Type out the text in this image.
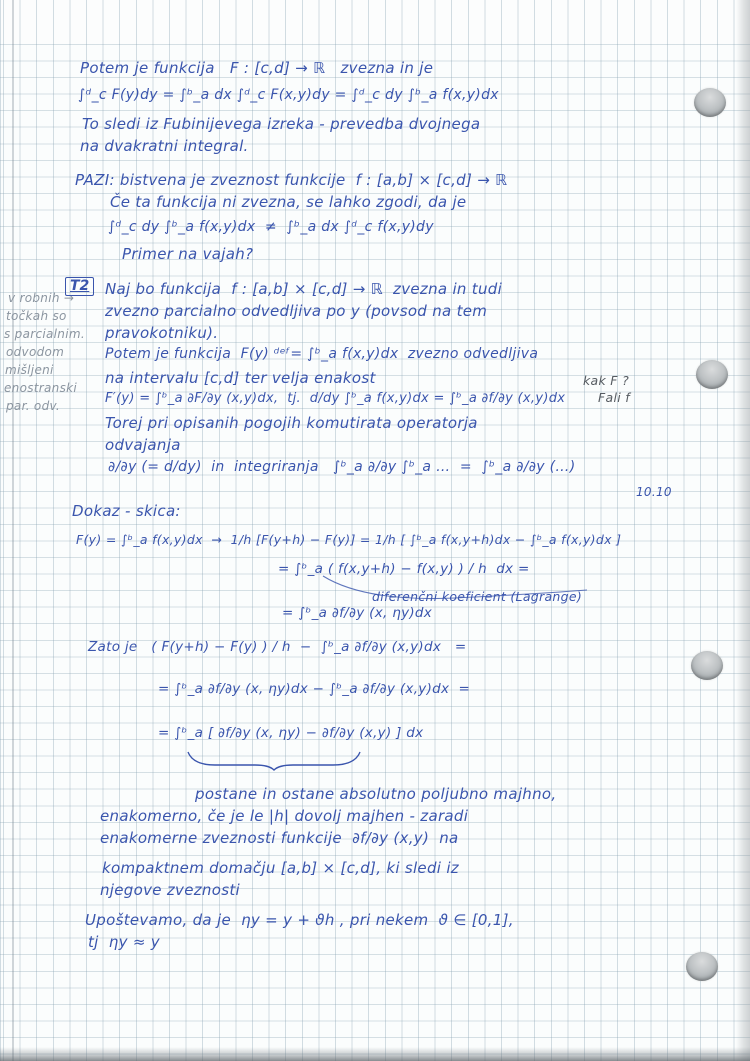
T2
Potem je funkcija   F : [c,d] → ℝ   zvezna in je
∫ᵈ_c F(y)dy = ∫ᵇ_a dx ∫ᵈ_c F(x,y)dy = ∫ᵈ_c dy ∫ᵇ_a f(x,y)dx
To sledi iz Fubinijevega izreka - prevedba dvojnega
na dvakratni integral.
PAZI: bistvena je zveznost funkcije  f : [a,b] × [c,d] → ℝ
Če ta funkcija ni zvezna, se lahko zgodi, da je
∫ᵈ_c dy ∫ᵇ_a f(x,y)dx  ≠  ∫ᵇ_a dx ∫ᵈ_c f(x,y)dy
Primer na vajah?
Naj bo funkcija  f : [a,b] × [c,d] → ℝ  zvezna in tudi
zvezno parcialno odvedljiva po y (povsod na tem
pravokotniku).
Potem je funkcija  F(y) ᵈᵉᶠ= ∫ᵇ_a f(x,y)dx  zvezno odvedljiva
na intervalu [c,d] ter velja enakost
F′(y) = ∫ᵇ_a ∂F/∂y (x,y)dx,  tj.  d/dy ∫ᵇ_a f(x,y)dx = ∫ᵇ_a ∂f/∂y (x,y)dx
Torej pri opisanih pogojih komutirata operatorja
odvajanja
∂/∂y (= d/dy)  in  integriranja   ∫ᵇ_a ∂/∂y ∫ᵇ_a …  =  ∫ᵇ_a ∂/∂y (…)
10.10
Dokaz - skica:
F(y) = ∫ᵇ_a f(x,y)dx  →  1/h [F(y+h) − F(y)] = 1/h [ ∫ᵇ_a f(x,y+h)dx − ∫ᵇ_a f(x,y)dx ]
= ∫ᵇ_a ( f(x,y+h) − f(x,y) ) / h  dx =
diferenčni koeficient (Lagrange)
= ∫ᵇ_a ∂f/∂y (x, ηy)dx
Zato je   ( F(y+h) − F(y) ) / h  −  ∫ᵇ_a ∂f/∂y (x,y)dx   =
= ∫ᵇ_a ∂f/∂y (x, ηy)dx − ∫ᵇ_a ∂f/∂y (x,y)dx  =
= ∫ᵇ_a [ ∂f/∂y (x, ηy) − ∂f/∂y (x,y) ] dx
postane in ostane absolutno poljubno majhno,
enakomerno, če je le |h| dovolj majhen - zaradi
enakomerne zveznosti funkcije  ∂f/∂y (x,y)  na
kompaktnem domačju [a,b] × [c,d], ki sledi iz
njegove zveznosti
Upoštevamo, da je  ηy = y + ϑh , pri nekem  ϑ ∈ [0,1],
tj  ηy ≈ y
v robnih →
točkah so
s parcialnim.
odvodom
mišljeni
enostranski
par. odv.
kak F ?
Fali f
